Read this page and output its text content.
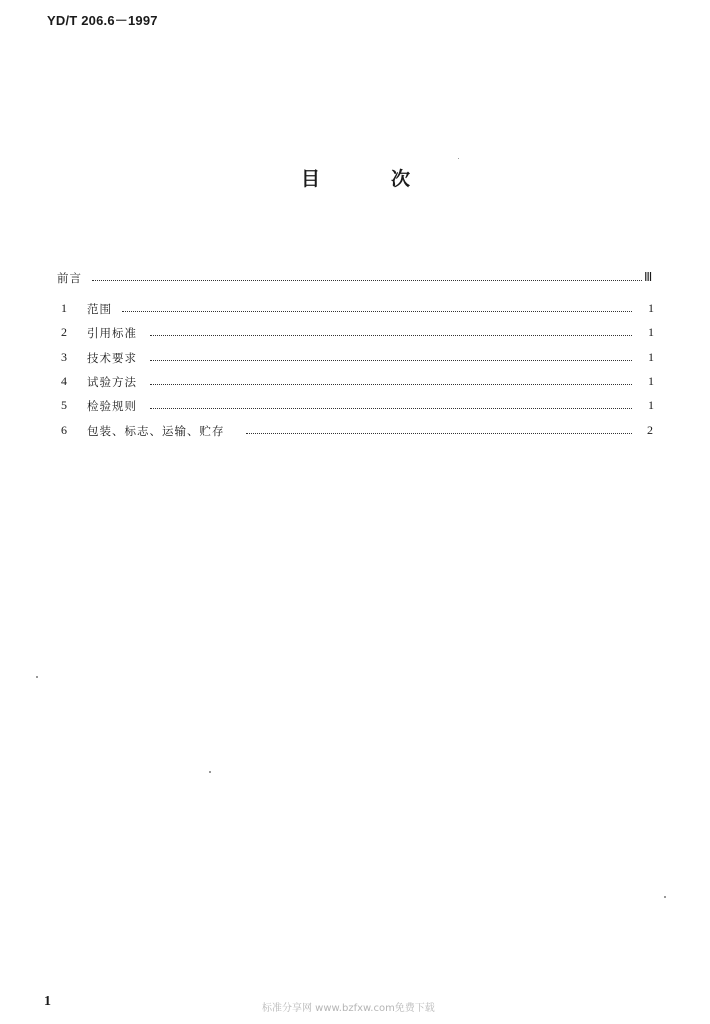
YD/T 206.6－1997
目	次
前言	Ⅲ
1 范围	1
2 引用标准	1
3 技术要求	1
4 试验方法	1
5 检验规则	1
6 包装、标志、运输、贮存	2
1	标准分享网 www.bzfxw.com免费下载
